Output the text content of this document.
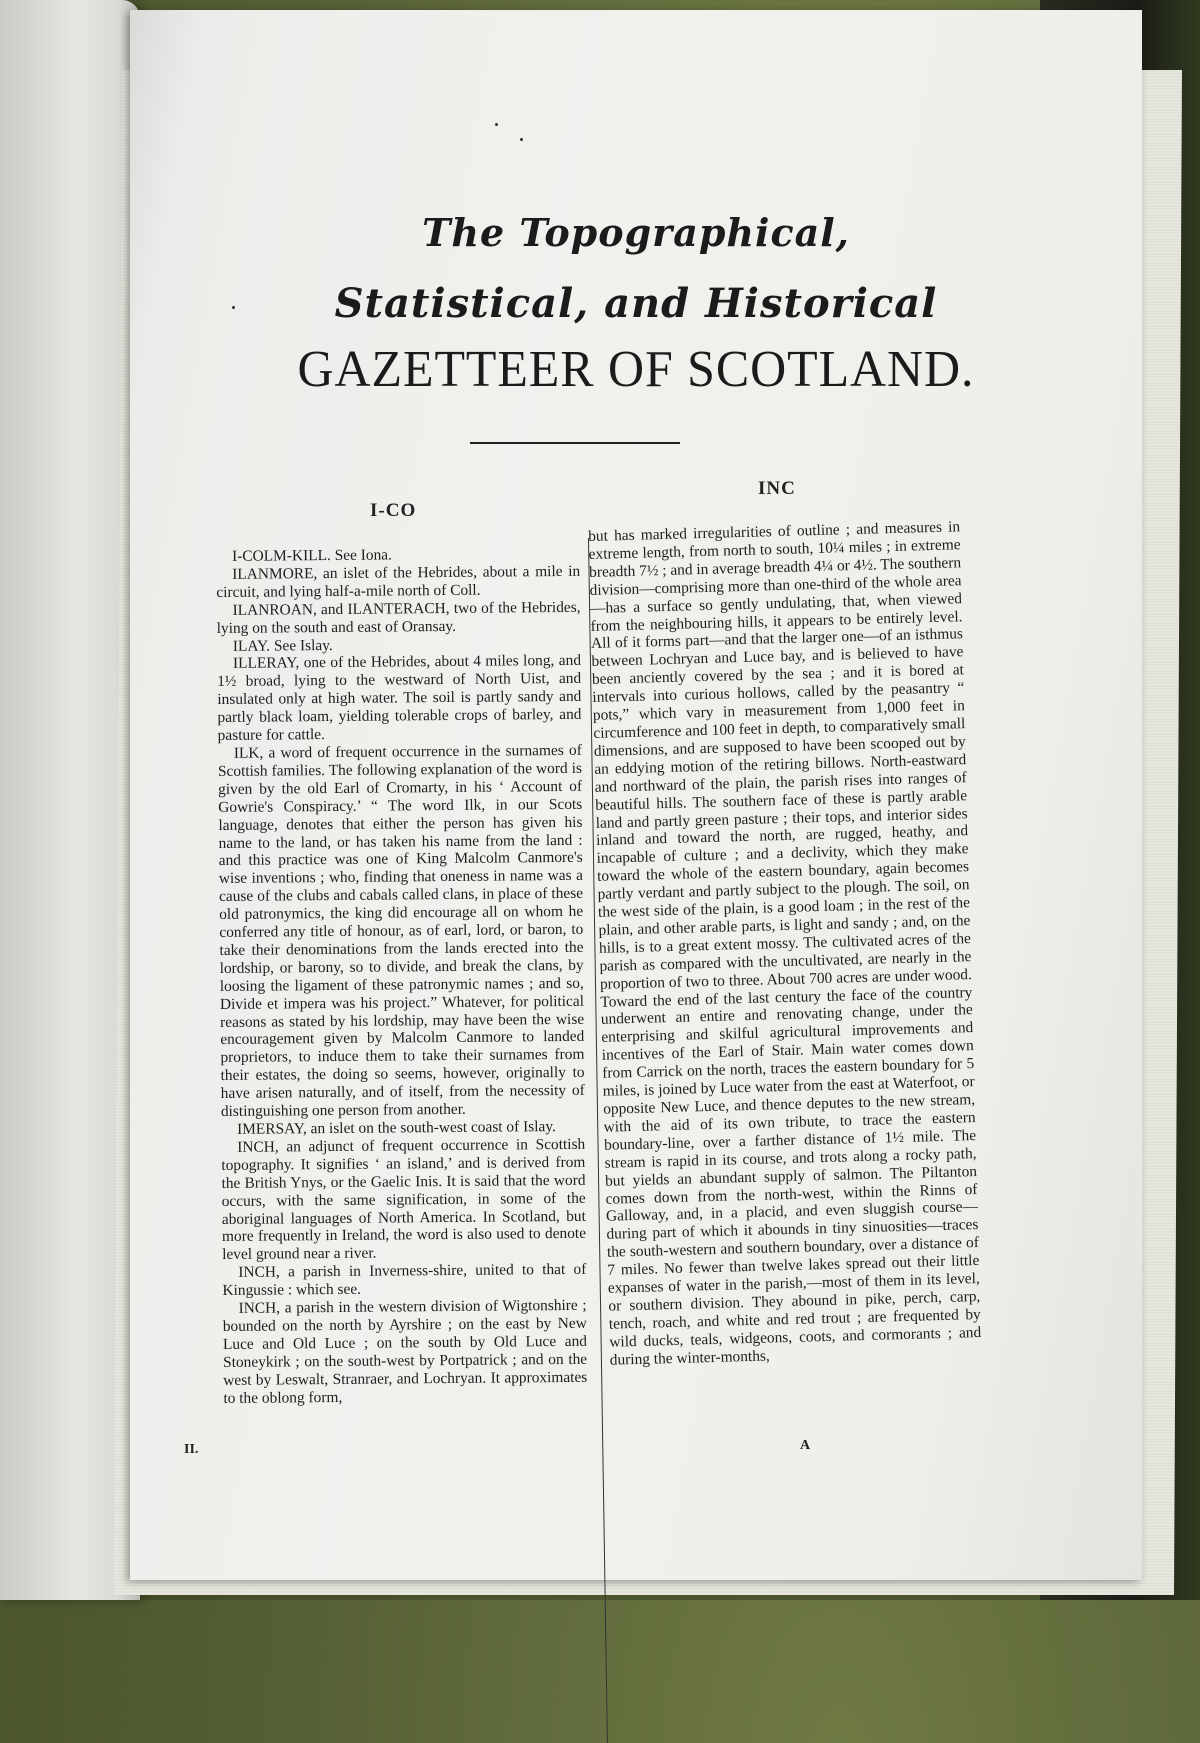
The Topographical,
Statistical, and Historical
GAZETTEER OF SCOTLAND.
I-CO
INC

I-COLM-KILL. See Iona.

ILANMORE, an islet of the Hebrides, about a mile in circuit, and lying half-a-mile north of Coll.

ILANROAN, and ILANTERACH, two of the Hebrides, lying on the south and east of Oransay.

ILAY. See Islay.

ILLERAY, one of the Hebrides, about 4 miles long, and 1½ broad, lying to the westward of North Uist, and insulated only at high water. The soil is partly sandy and partly black loam, yielding tolerable crops of barley, and pasture for cattle.

ILK, a word of frequent occurrence in the surnames of Scottish families. The following explanation of the word is given by the old Earl of Cromarty, in his ‘ Account of Gowrie's Conspiracy.’ “ The word Ilk, in our Scots language, denotes that either the person has given his name to the land, or has taken his name from the land : and this practice was one of King Malcolm Canmore's wise inventions ; who, finding that oneness in name was a cause of the clubs and cabals called clans, in place of these old patronymics, the king did encourage all on whom he conferred any title of honour, as of earl, lord, or baron, to take their denominations from the lands erected into the lordship, or barony, so to divide, and break the clans, by loosing the ligament of these patronymic names ; and so, Divide et impera was his project.” Whatever, for political reasons as stated by his lordship, may have been the wise encouragement given by Malcolm Canmore to landed proprietors, to induce them to take their surnames from their estates, the doing so seems, however, originally to have arisen naturally, and of itself, from the necessity of distinguishing one person from another.

IMERSAY, an islet on the south-west coast of Islay.

INCH, an adjunct of frequent occurrence in Scottish topography. It signifies ‘ an island,’ and is derived from the British Ynys, or the Gaelic Inis. It is said that the word occurs, with the same signification, in some of the aboriginal languages of North America. In Scotland, but more frequently in Ireland, the word is also used to denote level ground near a river.

INCH, a parish in Inverness-shire, united to that of Kingussie : which see.

INCH, a parish in the western division of Wigtonshire ; bounded on the north by Ayrshire ; on the east by New Luce and Old Luce ; on the south by Old Luce and Stoneykirk ; on the south-west by Portpatrick ; and on the west by Leswalt, Stranraer, and Lochryan. It approximates to the oblong form,

but has marked irregularities of outline ; and measures in extreme length, from north to south, 10¼ miles ; in extreme breadth 7½ ; and in average breadth 4¼ or 4½. The southern division—comprising more than one-third of the whole area—has a surface so gently undulating, that, when viewed from the neighbouring hills, it appears to be entirely level. All of it forms part—and that the larger one—of an isthmus between Lochryan and Luce bay, and is believed to have been anciently covered by the sea ; and it is bored at intervals into curious hollows, called by the peasantry “ pots,” which vary in measurement from 1,000 feet in circumference and 100 feet in depth, to comparatively small dimensions, and are supposed to have been scooped out by an eddying motion of the retiring billows. North-eastward and northward of the plain, the parish rises into ranges of beautiful hills. The southern face of these is partly arable land and partly green pasture ; their tops, and interior sides inland and toward the north, are rugged, heathy, and incapable of culture ; and a declivity, which they make toward the whole of the eastern boundary, again becomes partly verdant and partly subject to the plough. The soil, on the west side of the plain, is a good loam ; in the rest of the plain, and other arable parts, is light and sandy ; and, on the hills, is to a great extent mossy. The cultivated acres of the parish as compared with the uncultivated, are nearly in the proportion of two to three. About 700 acres are under wood. Toward the end of the last century the face of the country underwent an entire and renovating change, under the enterprising and skilful agricultural improvements and incentives of the Earl of Stair. Main water comes down from Carrick on the north, traces the eastern boundary for 5 miles, is joined by Luce water from the east at Waterfoot, or opposite New Luce, and thence deputes to the new stream, with the aid of its own tribute, to trace the eastern boundary-line, over a farther distance of 1½ mile. The stream is rapid in its course, and trots along a rocky path, but yields an abundant supply of salmon. The Piltanton comes down from the north-west, within the Rinns of Galloway, and, in a placid, and even sluggish course—during part of which it abounds in tiny sinuosities—traces the south-western and southern boundary, over a distance of 7 miles. No fewer than twelve lakes spread out their little expanses of water in the parish,—most of them in its level, or southern division. They abound in pike, perch, carp, tench, roach, and white and red trout ; are frequented by wild ducks, teals, widgeons, coots, and cormorants ; and during the winter-months,

II.	A
